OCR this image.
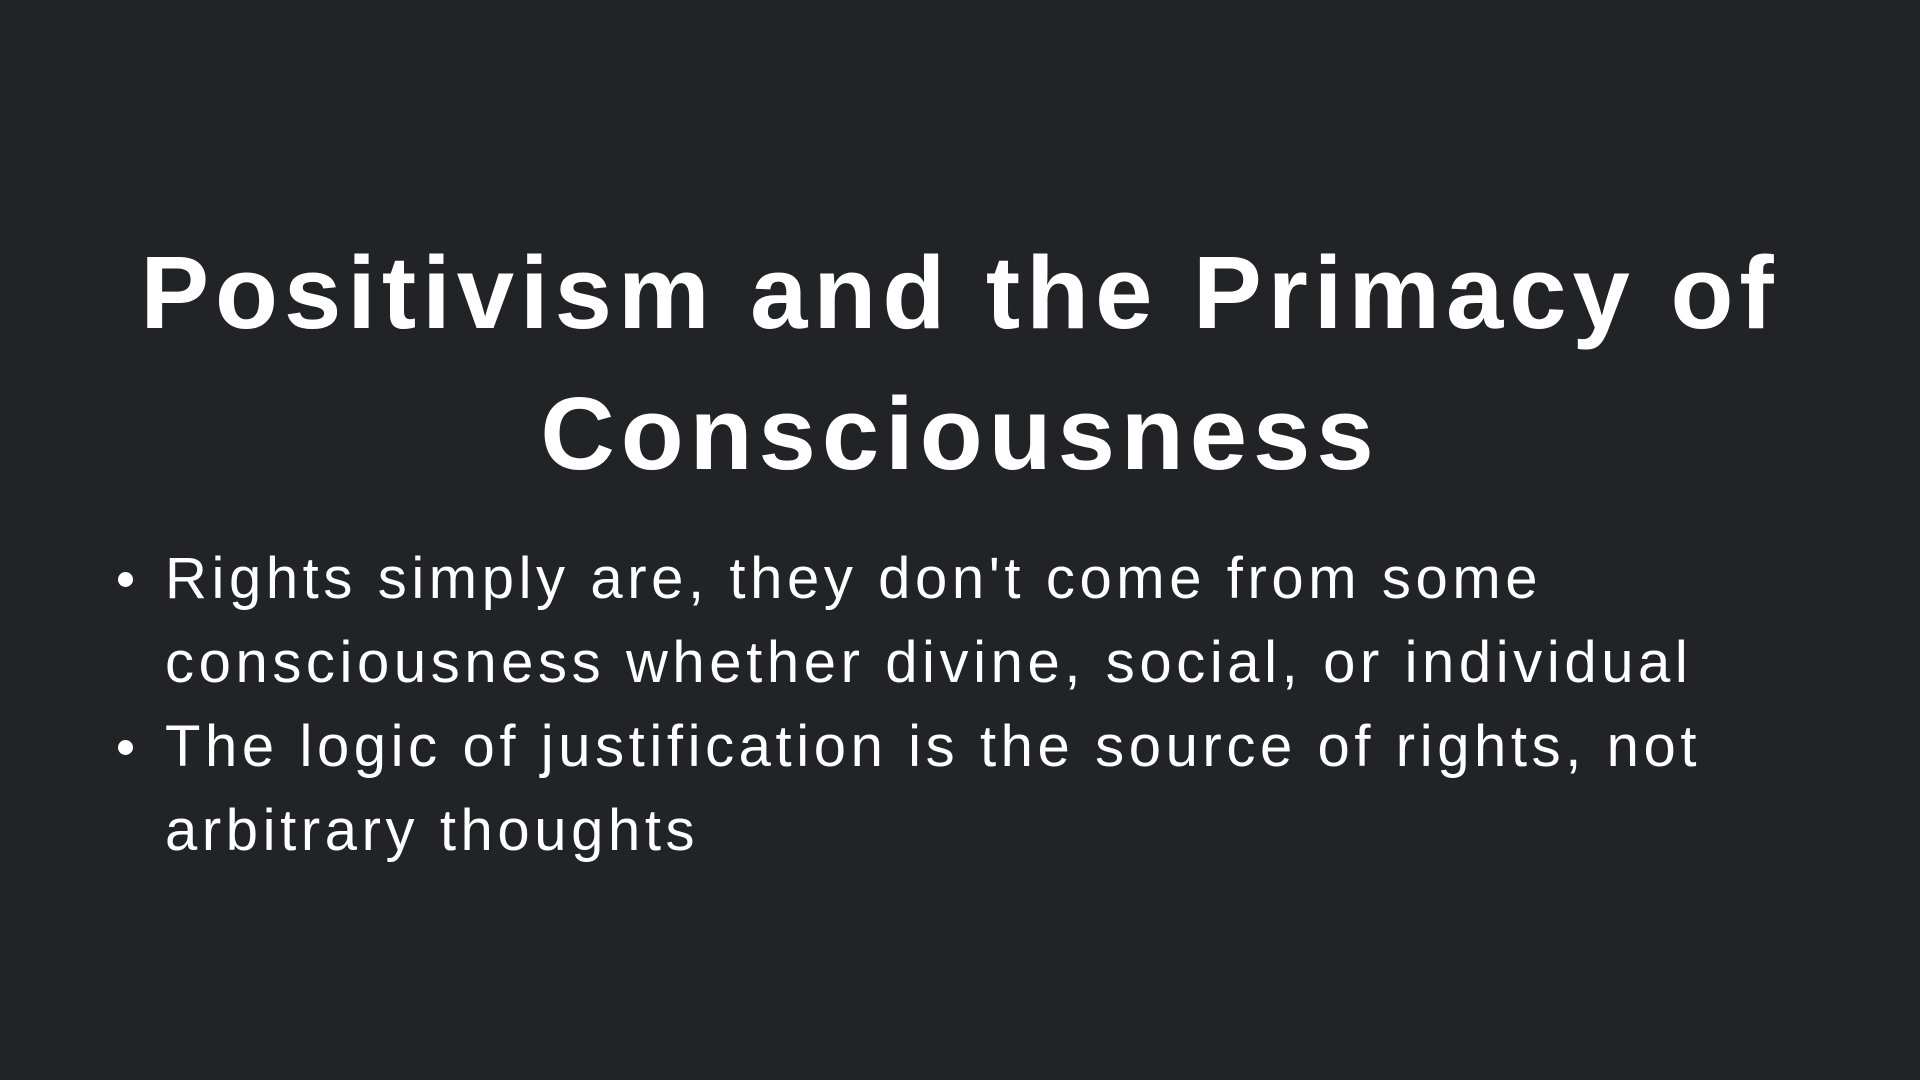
Positivism and the Primacy of Consciousness
Rights simply are, they don't come from some consciousness whether divine, social, or individual
The logic of justification is the source of rights, not arbitrary thoughts
